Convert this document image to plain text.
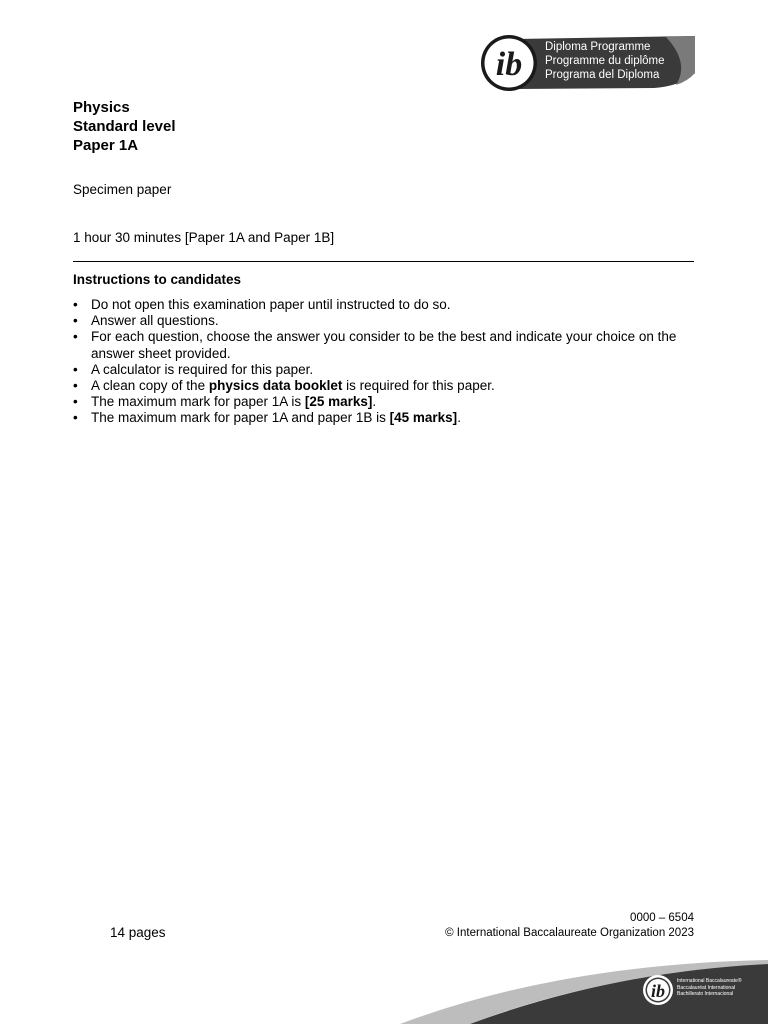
ib Diploma Programme
Programme du diplôme
Programa del Diploma
Physics
Standard level
Paper 1A
Specimen paper
1 hour 30 minutes [Paper 1A and Paper 1B]
Instructions to candidates
• Do not open this examination paper until instructed to do so.
• Answer all questions.
• For each question, choose the answer you consider to be the best and indicate your choice on the answer sheet provided.
• A calculator is required for this paper.
• A clean copy of the physics data booklet is required for this paper.
• The maximum mark for paper 1A is [25 marks].
• The maximum mark for paper 1A and paper 1B is [45 marks].
14 pages
0000 – 6504
© International Baccalaureate Organization 2023
ib International Baccalaureate®
Baccalauréat International
Bachillerato Internacional
